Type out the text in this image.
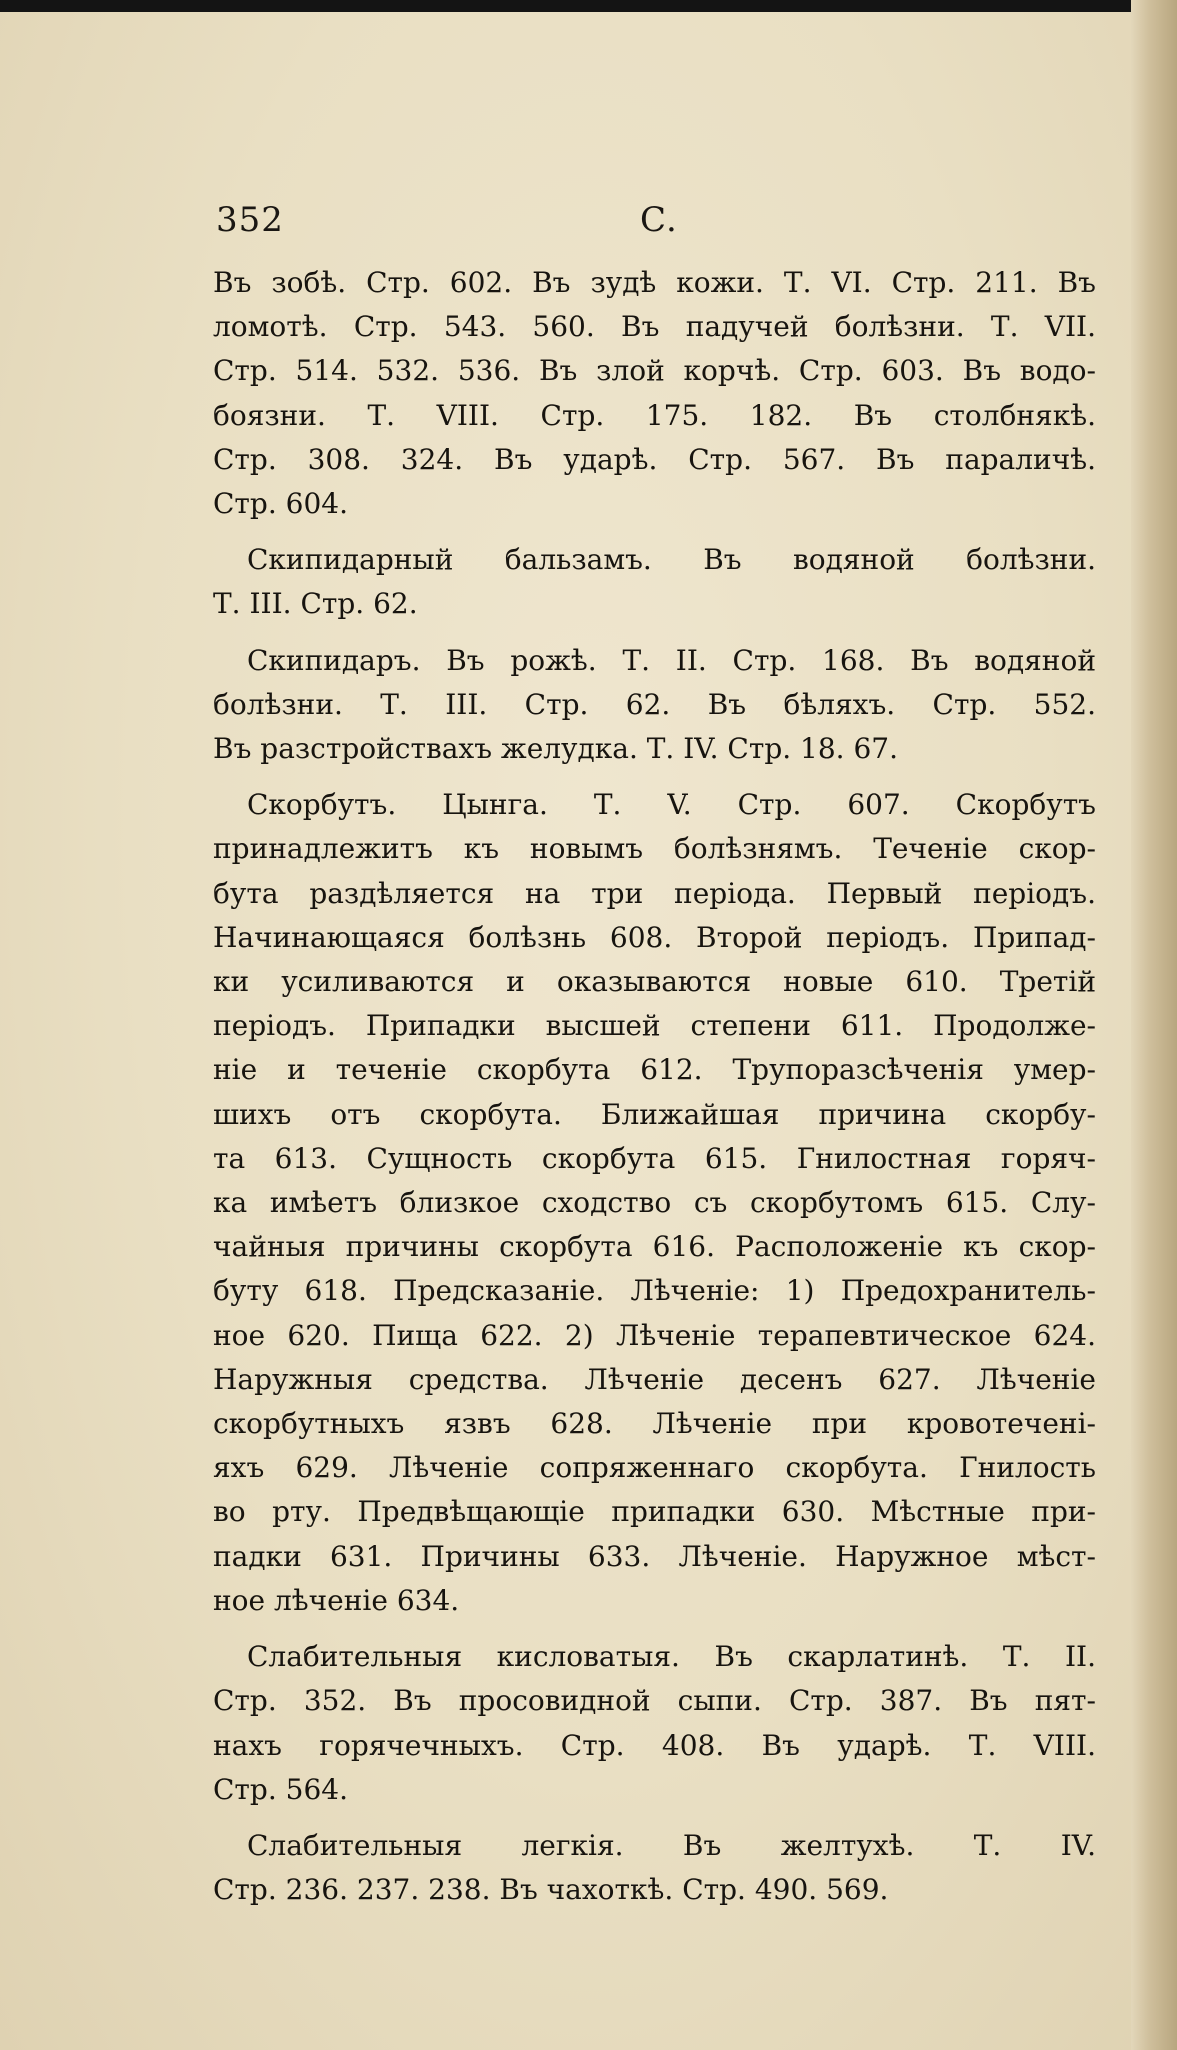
352	С.
Въ зобѣ. Стр. 602. Въ зудѣ кожи. Т. VI. Стр. 211. Въ
ломотѣ. Стр. 543. 560. Въ падучей болѣзни. Т. VII.
Стр. 514. 532. 536. Въ злой корчѣ. Стр. 603. Въ водо-
боязни. Т. VIII. Стр. 175. 182. Въ столбнякѣ.
Стр. 308. 324. Въ ударѣ. Стр. 567. Въ параличѣ.
Стр. 604.
Скипидарный бальзамъ. Въ водяной болѣзни.
Т. III. Стр. 62.
Скипидаръ. Въ рожѣ. Т. II. Стр. 168. Въ водяной
болѣзни. Т. III. Стр. 62. Въ бѣляхъ. Стр. 552.
Въ разстройствахъ желудка. Т. IV. Стр. 18. 67.
Скорбутъ. Цынга. Т. V. Стр. 607. Скорбутъ
принадлежитъ къ новымъ болѣзнямъ. Теченіе скор-
бута раздѣляется на три періода. Первый періодъ.
Начинающаяся болѣзнь 608. Второй періодъ. Припад-
ки усиливаются и оказываются новые 610. Третій
періодъ. Припадки высшей степени 611. Продолже-
ніе и теченіе скорбута 612. Трупоразсѣченія умер-
шихъ отъ скорбута. Ближайшая причина скорбу-
та 613. Сущность скорбута 615. Гнилостная горяч-
ка имѣетъ близкое сходство съ скорбутомъ 615. Слу-
чайныя причины скорбута 616. Расположеніе къ скор-
буту 618. Предсказаніе. Лѣченіе: 1) Предохранитель-
ное 620. Пища 622. 2) Лѣченіе терапевтическое 624.
Наружныя средства. Лѣченіе десенъ 627. Лѣченіе
скорбутныхъ язвъ 628. Лѣченіе при кровотечені-
яхъ 629. Лѣченіе сопряженнаго скорбута. Гнилость
во рту. Предвѣщающіе припадки 630. Мѣстные при-
падки 631. Причины 633. Лѣченіе. Наружное мѣст-
ное лѣченіе 634.
Слабительныя кисловатыя. Въ скарлатинѣ. Т. II.
Стр. 352. Въ просовидной сыпи. Стр. 387. Въ пят-
нахъ горячечныхъ. Стр. 408. Въ ударѣ. Т. VIII.
Стр. 564.
Слабительныя легкія. Въ желтухѣ. Т. IV.
Стр. 236. 237. 238. Въ чахоткѣ. Стр. 490. 569.
